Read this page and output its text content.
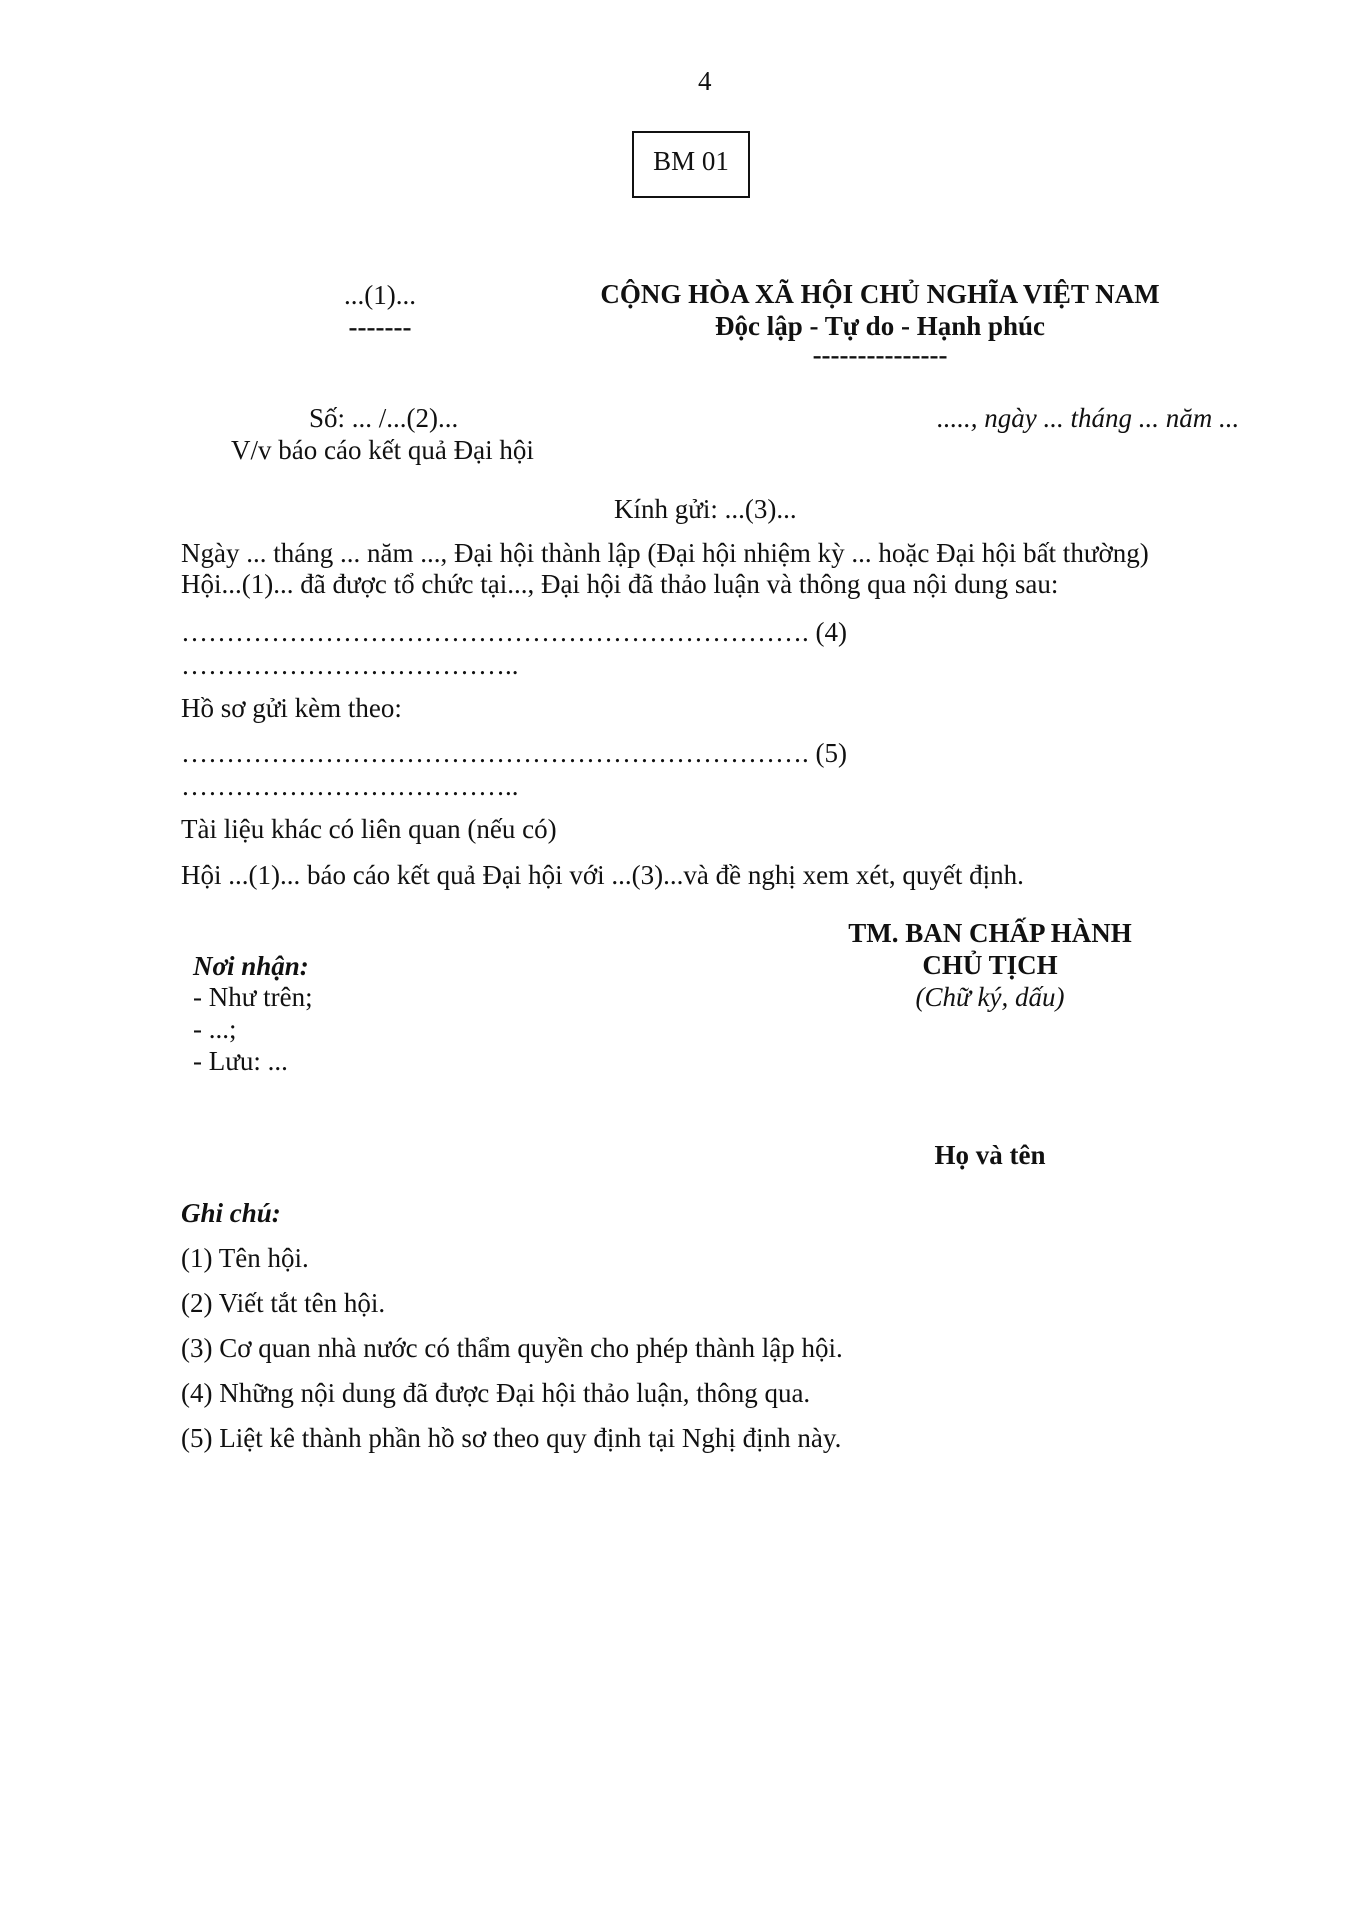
4
BM 01
...(1)...
-------
CỘNG HÒA XÃ HỘI CHỦ NGHĨA VIỆT NAM
Độc lập - Tự do - Hạnh phúc
---------------
Số: ... /...(2)...
V/v báo cáo kết quả Đại hội
....., ngày ... tháng ... năm ...
Kính gửi: ...(3)...
Ngày ... tháng ... năm ..., Đại hội thành lập (Đại hội nhiệm kỳ ... hoặc Đại hội bất thường)
Hội...(1)... đã được tổ chức tại..., Đại hội đã thảo luận và thông qua nội dung sau:
……………………………………………………………. (4)
………………………………..
Hồ sơ gửi kèm theo:
……………………………………………………………. (5)
………………………………..
Tài liệu khác có liên quan (nếu có)
Hội ...(1)... báo cáo kết quả Đại hội với ...(3)...và đề nghị xem xét, quyết định.
TM. BAN CHẤP HÀNH
CHỦ TỊCH
(Chữ ký, dấu)
Họ và tên
Nơi nhận:
- Như trên;
- ...;
- Lưu: ...
Ghi chú:
(1) Tên hội.
(2) Viết tắt tên hội.
(3) Cơ quan nhà nước có thẩm quyền cho phép thành lập hội.
(4) Những nội dung đã được Đại hội thảo luận, thông qua.
(5) Liệt kê thành phần hồ sơ theo quy định tại Nghị định này.
